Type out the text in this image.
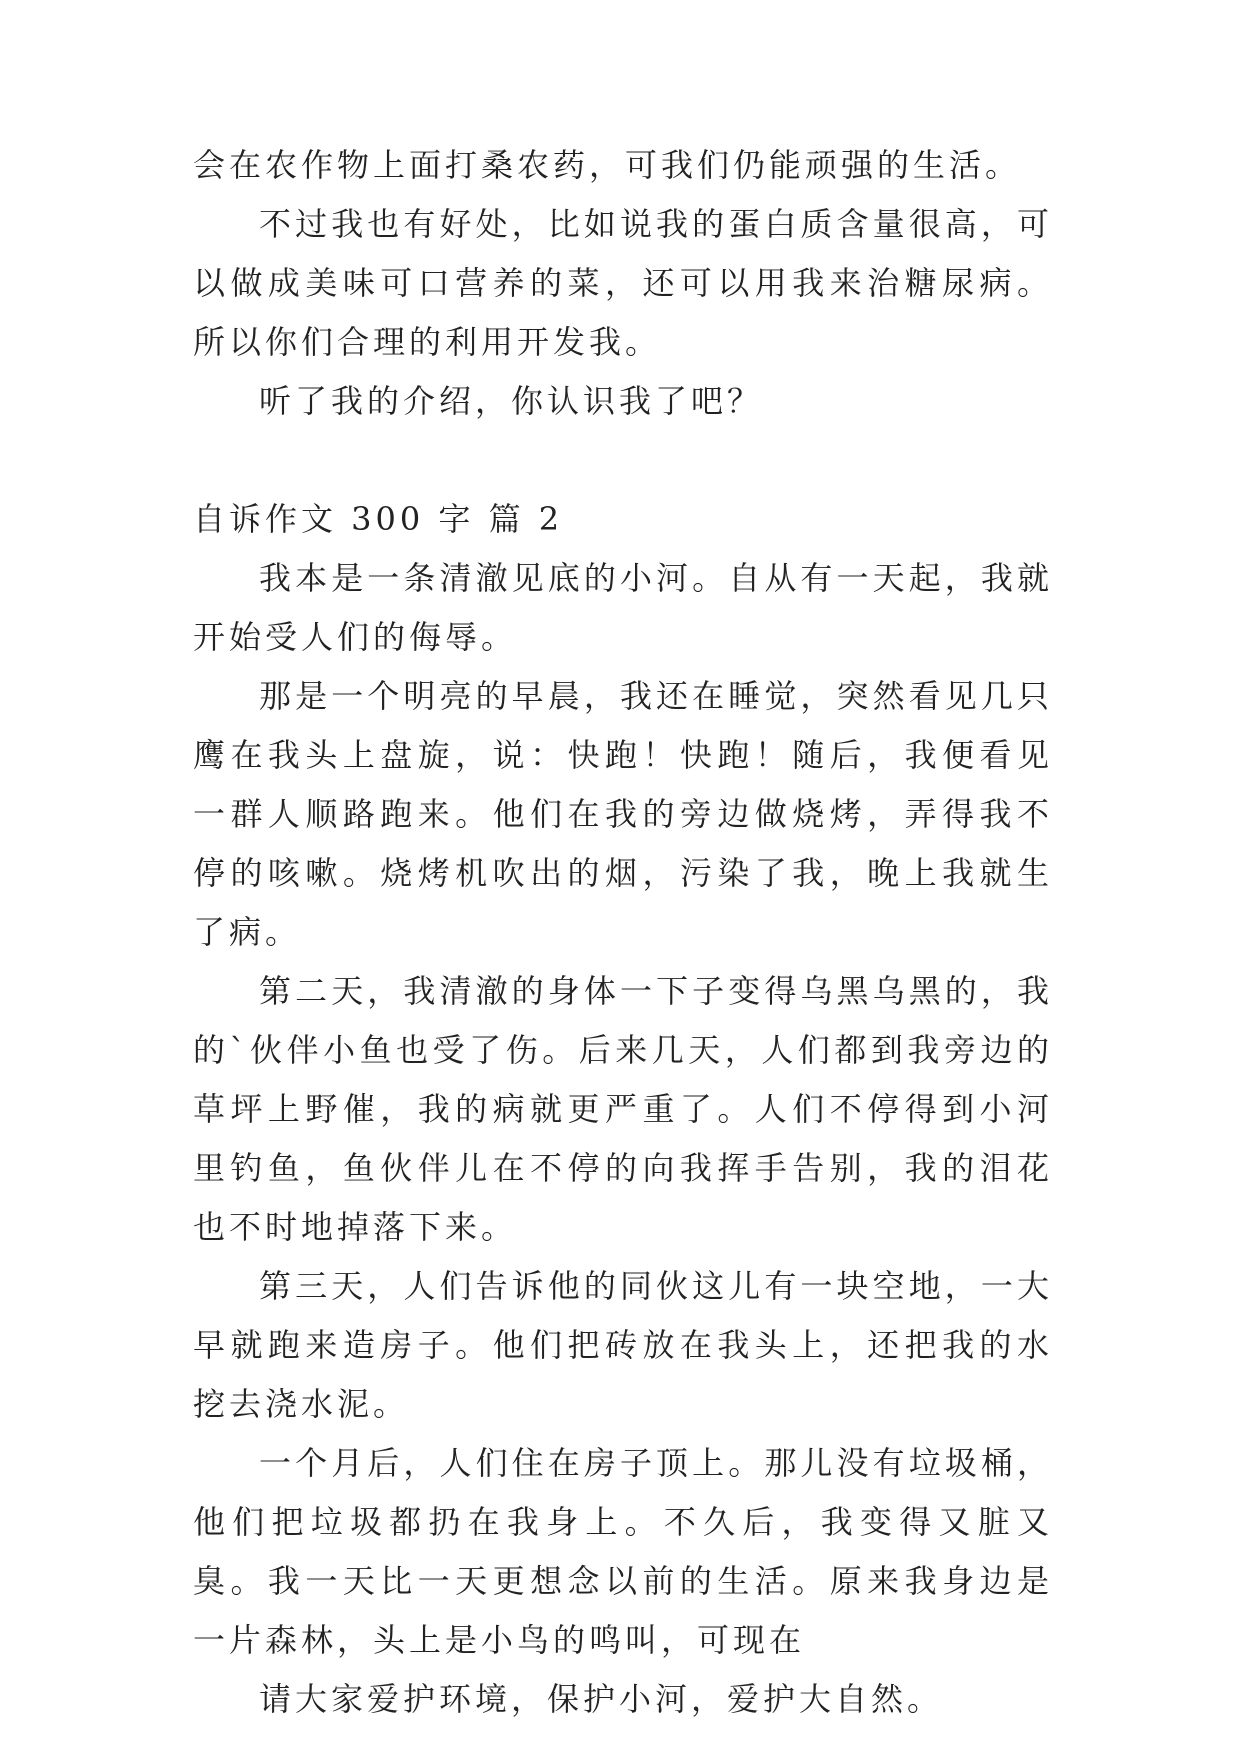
会在农作物上面打桑农药，可我们仍能顽强的生活。

不过我也有好处，比如说我的蛋白质含量很高，可以做成美味可口营养的菜，还可以用我来治糖尿病。所以你们合理的利用开发我。

听了我的介绍，你认识我了吧？

自诉作文 300 字 篇 2

我本是一条清澈见底的小河。自从有一天起，我就开始受人们的侮辱。

那是一个明亮的早晨，我还在睡觉，突然看见几只鹰在我头上盘旋，说：快跑！快跑！随后，我便看见一群人顺路跑来。他们在我的旁边做烧烤，弄得我不停的咳嗽。烧烤机吹出的烟，污染了我，晚上我就生了病。

第二天，我清澈的身体一下子变得乌黑乌黑的，我的`伙伴小鱼也受了伤。后来几天，人们都到我旁边的草坪上野催，我的病就更严重了。人们不停得到小河里钓鱼，鱼伙伴儿在不停的向我挥手告别，我的泪花也不时地掉落下来。

第三天，人们告诉他的同伙这儿有一块空地，一大早就跑来造房子。他们把砖放在我头上，还把我的水挖去浇水泥。

一个月后，人们住在房子顶上。那儿没有垃圾桶，他们把垃圾都扔在我身上。不久后，我变得又脏又臭。我一天比一天更想念以前的生活。原来我身边是一片森林，头上是小鸟的鸣叫，可现在

请大家爱护环境，保护小河，爱护大自然。
